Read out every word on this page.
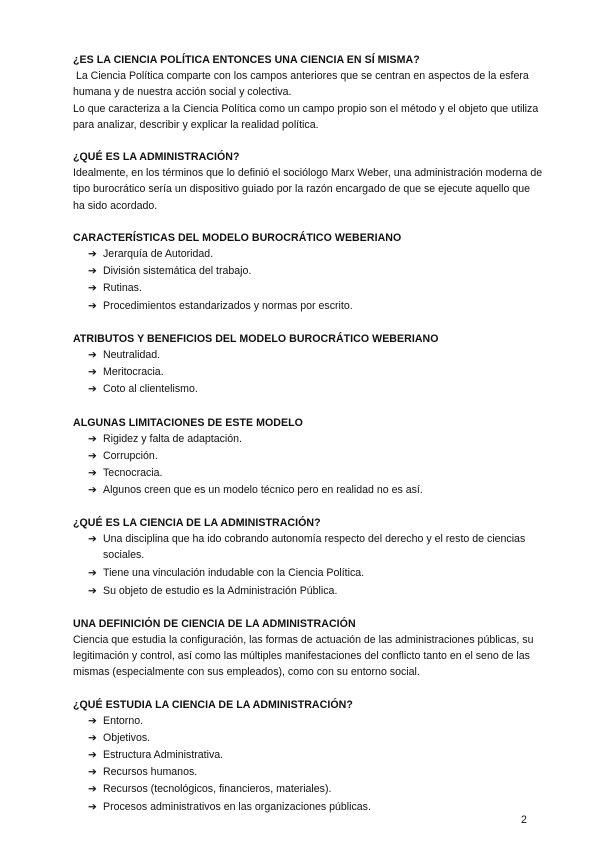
¿ES LA CIENCIA POLÍTICA ENTONCES UNA CIENCIA EN SÍ MISMA?

La Ciencia Política comparte con los campos anteriores que se centran en aspectos de la esfera humana y de nuestra acción social y colectiva.

Lo que caracteriza a la Ciencia Política como un campo propio son el método y el objeto que utiliza para analizar, describir y explicar la realidad política.

¿QUÉ ES LA ADMINISTRACIÓN?

Idealmente, en los términos que lo definió el sociólogo Marx Weber, una administración moderna de tipo burocrático sería un dispositivo guiado por la razón encargado de que se ejecute aquello que ha sido acordado.

CARACTERÍSTICAS DEL MODELO BUROCRÁTICO WEBERIANO

➔ Jerarquía de Autoridad.
➔ División sistemática del trabajo.
➔ Rutinas.
➔ Procedimientos estandarizados y normas por escrito.

ATRIBUTOS Y BENEFICIOS DEL MODELO BUROCRÁTICO WEBERIANO

➔ Neutralidad.
➔ Meritocracia.
➔ Coto al clientelismo.

ALGUNAS LIMITACIONES DE ESTE MODELO

➔ Rigidez y falta de adaptación.
➔ Corrupción.
➔ Tecnocracia.
➔ Algunos creen que es un modelo técnico pero en realidad no es así.

¿QUÉ ES LA CIENCIA DE LA ADMINISTRACIÓN?

➔ Una disciplina que ha ido cobrando autonomía respecto del derecho y el resto de ciencias sociales.
➔ Tiene una vinculación indudable con la Ciencia Política.
➔ Su objeto de estudio es la Administración Pública.

UNA DEFINICIÓN DE CIENCIA DE LA ADMINISTRACIÓN

Ciencia que estudia la configuración, las formas de actuación de las administraciones públicas, su legitimación y control, así como las múltiples manifestaciones del conflicto tanto en el seno de las mismas (especialmente con sus empleados), como con su entorno social.

¿QUÉ ESTUDIA LA CIENCIA DE LA ADMINISTRACIÓN?

➔ Entorno.
➔ Objetivos.
➔ Estructura Administrativa.
➔ Recursos humanos.
➔ Recursos (tecnológicos, financieros, materiales).
➔ Procesos administrativos en las organizaciones públicas.
2
